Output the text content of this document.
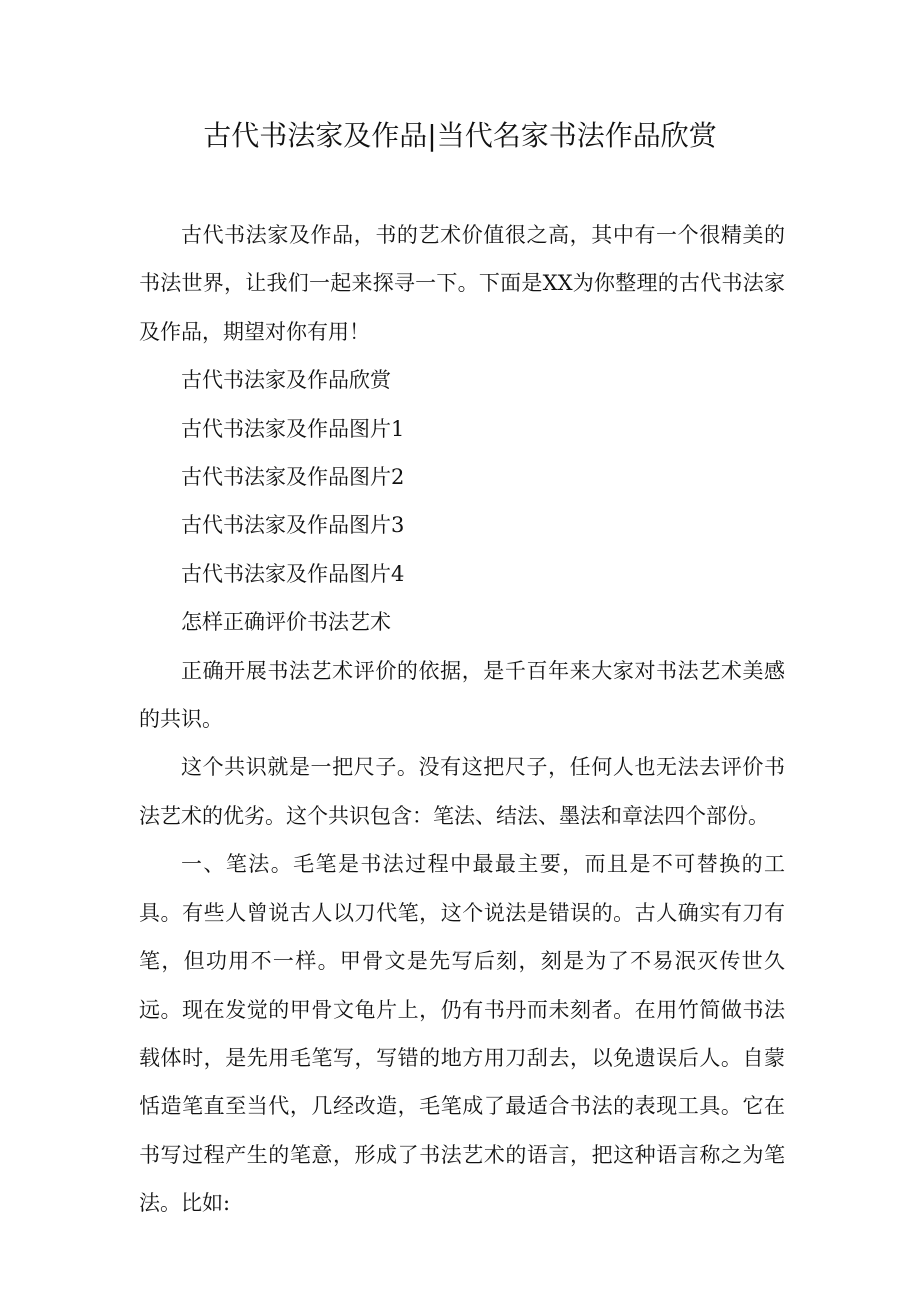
古代书法家及作品|当代名家书法作品欣赏

古代书法家及作品，书的艺术价值很之高，其中有一个很精美的书法世界，让我们一起来探寻一下。下面是XX为你整理的古代书法家及作品，期望对你有用！

古代书法家及作品欣赏

古代书法家及作品图片1

古代书法家及作品图片2

古代书法家及作品图片3

古代书法家及作品图片4

怎样正确评价书法艺术

正确开展书法艺术评价的依据，是千百年来大家对书法艺术美感的共识。

这个共识就是一把尺子。没有这把尺子，任何人也无法去评价书法艺术的优劣。这个共识包含：笔法、结法、墨法和章法四个部份。

一、笔法。毛笔是书法过程中最最主要，而且是不可替换的工具。有些人曾说古人以刀代笔，这个说法是错误的。古人确实有刀有笔，但功用不一样。甲骨文是先写后刻，刻是为了不易泯灭传世久远。现在发觉的甲骨文龟片上，仍有书丹而未刻者。在用竹简做书法载体时，是先用毛笔写，写错的地方用刀刮去，以免遗误后人。自蒙恬造笔直至当代，几经改造，毛笔成了最适合书法的表现工具。它在书写过程产生的笔意，形成了书法艺术的语言，把这种语言称之为笔法。比如:
